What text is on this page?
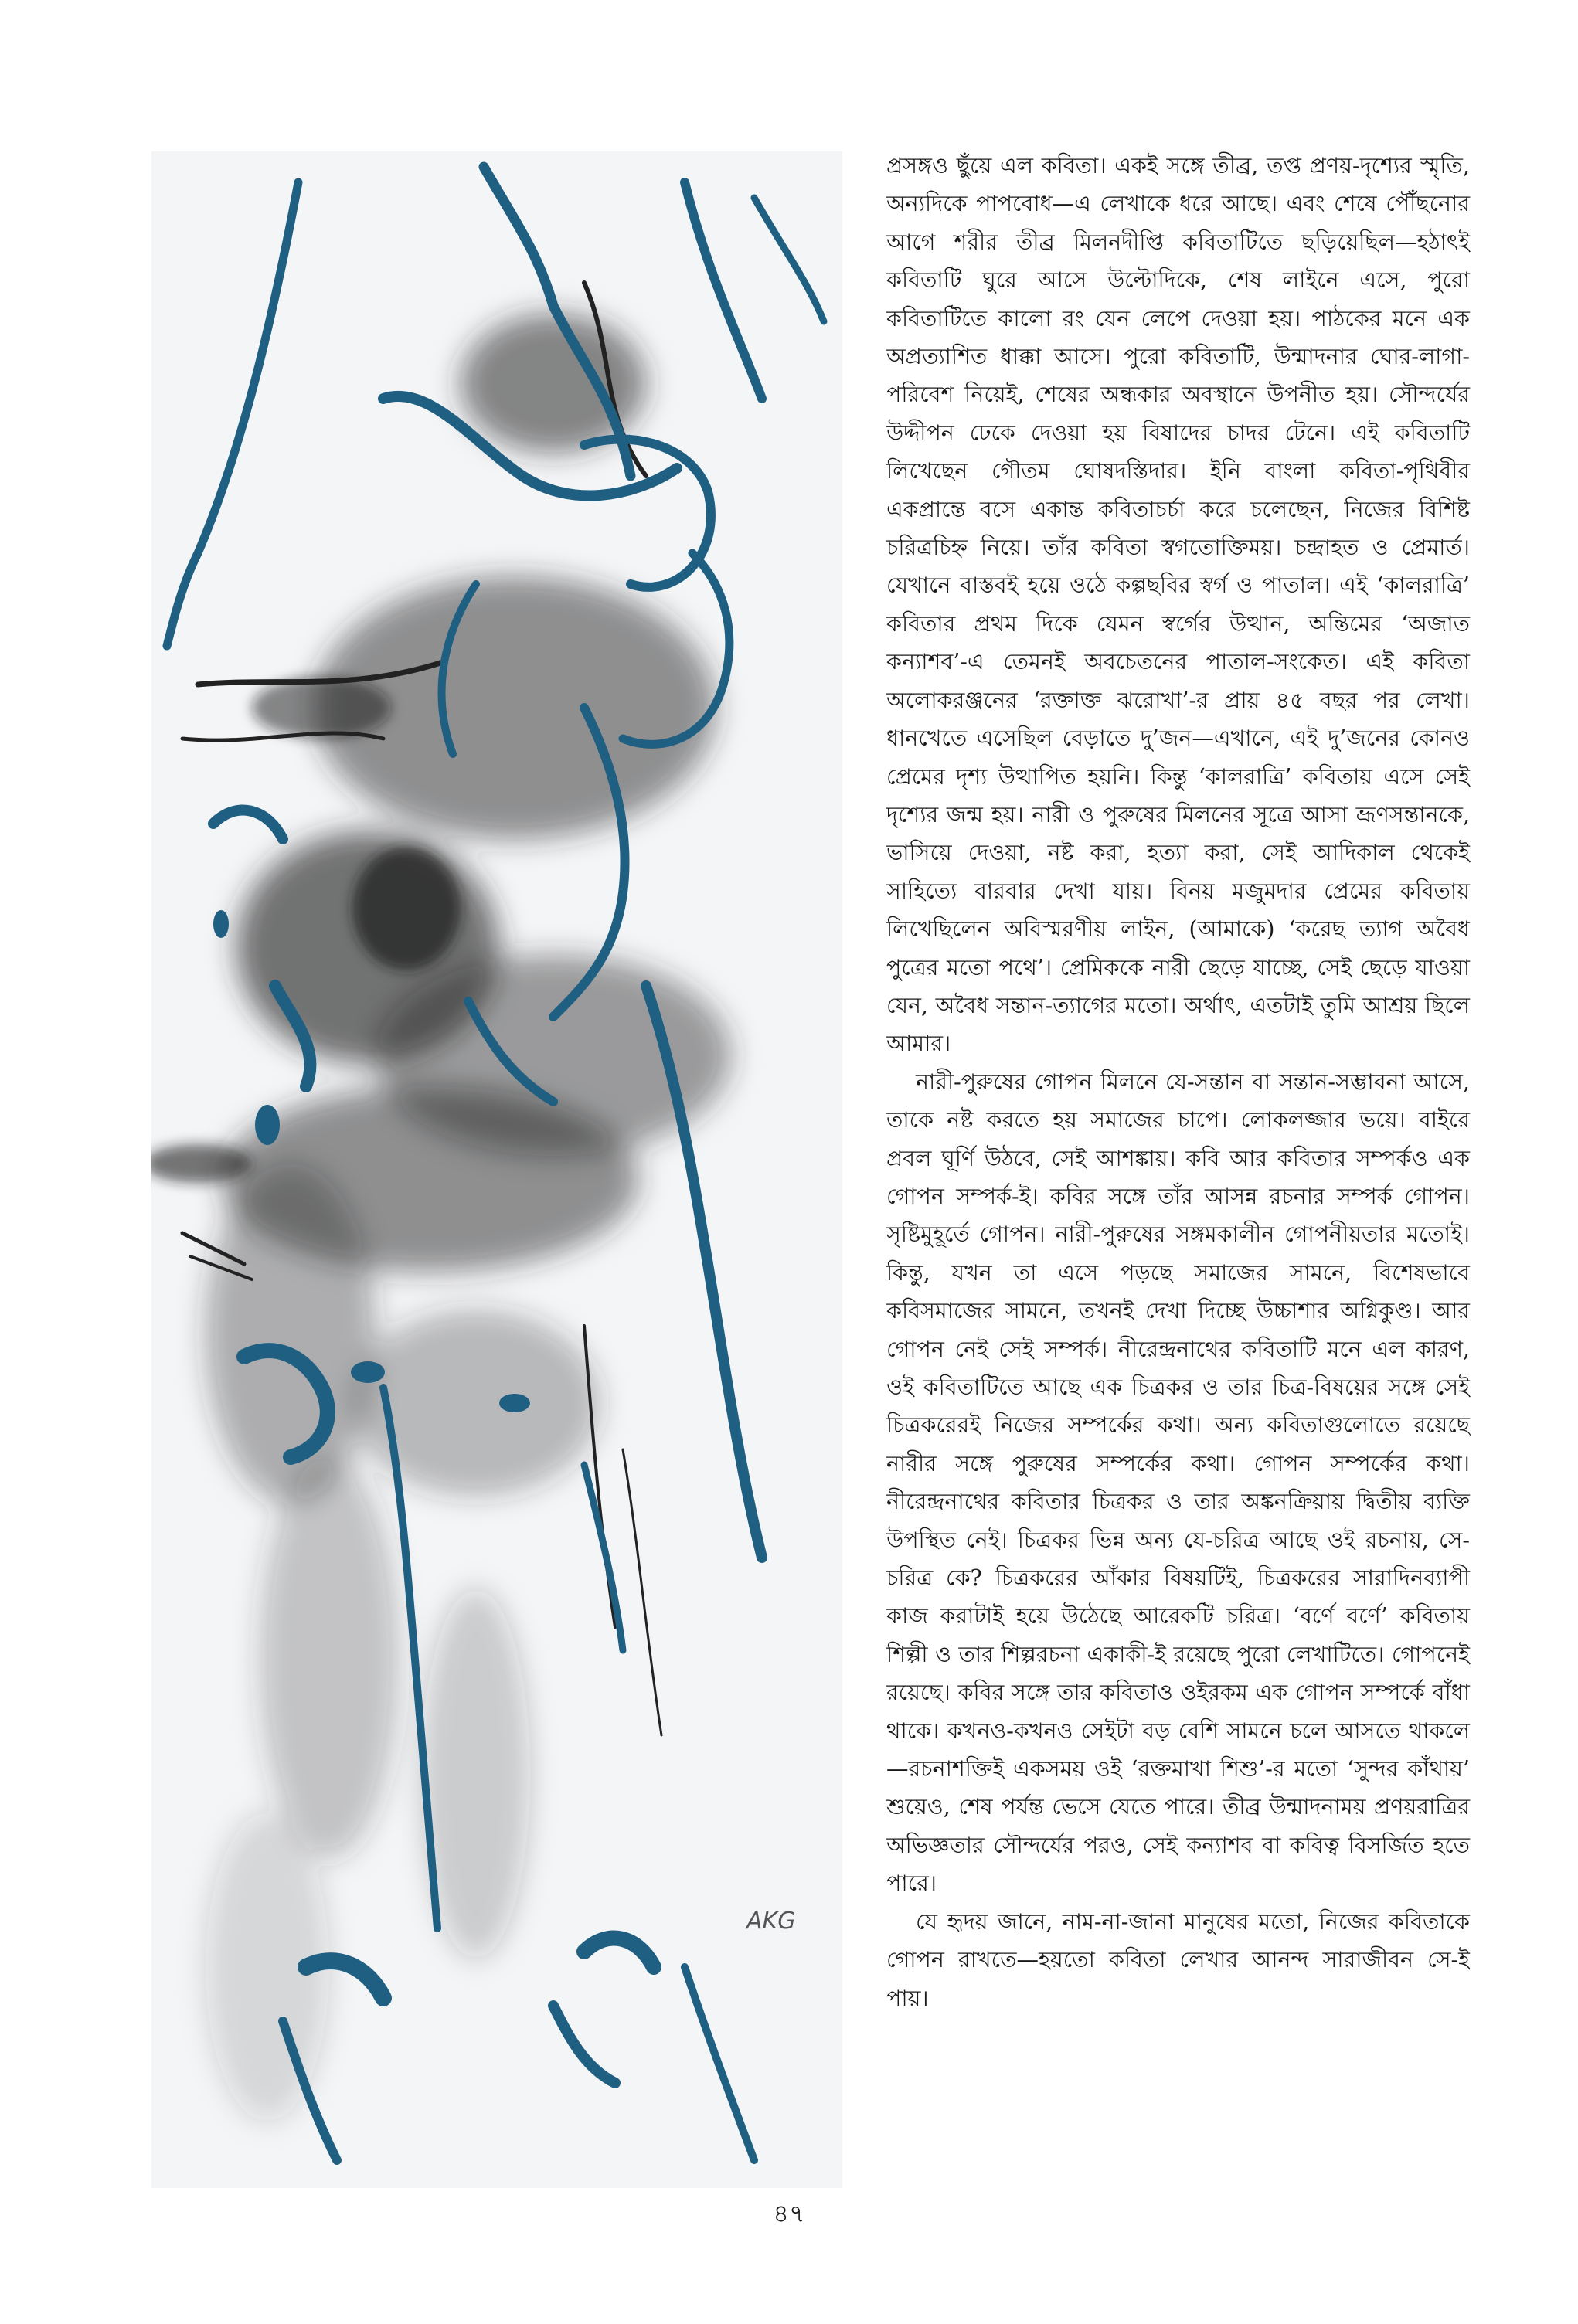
AKG

প্রসঙ্গও ছুঁয়ে এল কবিতা। একই সঙ্গে তীব্র, তপ্ত প্রণয়-দৃশ্যের স্মৃতি, অন্যদিকে পাপবোধ—এ লেখাকে ধরে আছে। এবং শেষে পৌঁছনোর আগে শরীর তীব্র মিলনদীপ্তি কবিতাটিতে ছড়িয়েছিল—হঠাৎই কবিতাটি ঘুরে আসে উল্টোদিকে, শেষ লাইনে এসে, পুরো কবিতাটিতে কালো রং যেন লেপে দেওয়া হয়। পাঠকের মনে এক অপ্রত্যাশিত ধাক্কা আসে। পুরো কবিতাটি, উন্মাদনার ঘোর-লাগা-পরিবেশ নিয়েই, শেষের অন্ধকার অবস্থানে উপনীত হয়। সৌন্দর্যের উদ্দীপন ঢেকে দেওয়া হয় বিষাদের চাদর টেনে। এই কবিতাটি লিখেছেন গৌতম ঘোষদস্তিদার। ইনি বাংলা কবিতা-পৃথিবীর একপ্রান্তে বসে একান্ত কবিতাচর্চা করে চলেছেন, নিজের বিশিষ্ট চরিত্রচিহ্ন নিয়ে। তাঁর কবিতা স্বগতোক্তিময়। চন্দ্রাহত ও প্রেমার্ত। যেখানে বাস্তবই হয়ে ওঠে কল্পছবির স্বর্গ ও পাতাল। এই ‘কালরাত্রি’ কবিতার প্রথম দিকে যেমন স্বর্গের উত্থান, অন্তিমের ‘অজাত কন্যাশব’-এ তেমনই অবচেতনের পাতাল-সংকেত। এই কবিতা অলোকরঞ্জনের ‘রক্তাক্ত ঝরোখা’-র প্রায় ৪৫ বছর পর লেখা। ধানখেতে এসেছিল বেড়াতে দু’জন—এখানে, এই দু’জনের কোনও প্রেমের দৃশ্য উত্থাপিত হয়নি। কিন্তু ‘কালরাত্রি’ কবিতায় এসে সেই দৃশ্যের জন্ম হয়। নারী ও পুরুষের মিলনের সূত্রে আসা ভ্রূণসন্তানকে, ভাসিয়ে দেওয়া, নষ্ট করা, হত্যা করা, সেই আদিকাল থেকেই সাহিত্যে বারবার দেখা যায়। বিনয় মজুমদার প্রেমের কবিতায় লিখেছিলেন অবিস্মরণীয় লাইন, (আমাকে) ‘করেছ ত্যাগ অবৈধ পুত্রের মতো পথে’। প্রেমিককে নারী ছেড়ে যাচ্ছে, সেই ছেড়ে যাওয়া যেন, অবৈধ সন্তান-ত্যাগের মতো। অর্থাৎ, এতটাই তুমি আশ্রয় ছিলে আমার।

নারী-পুরুষের গোপন মিলনে যে-সন্তান বা সন্তান-সম্ভাবনা আসে, তাকে নষ্ট করতে হয় সমাজের চাপে। লোকলজ্জার ভয়ে। বাইরে প্রবল ঘূর্ণি উঠবে, সেই আশঙ্কায়। কবি আর কবিতার সম্পর্কও এক গোপন সম্পর্ক-ই। কবির সঙ্গে তাঁর আসন্ন রচনার সম্পর্ক গোপন। সৃষ্টিমুহূর্তে গোপন। নারী-পুরুষের সঙ্গমকালীন গোপনীয়তার মতোই। কিন্তু, যখন তা এসে পড়ছে সমাজের সামনে, বিশেষভাবে কবিসমাজের সামনে, তখনই দেখা দিচ্ছে উচ্চাশার অগ্নিকুণ্ড। আর গোপন নেই সেই সম্পর্ক। নীরেন্দ্রনাথের কবিতাটি মনে এল কারণ, ওই কবিতাটিতে আছে এক চিত্রকর ও তার চিত্র-বিষয়ের সঙ্গে সেই চিত্রকরেরই নিজের সম্পর্কের কথা। অন্য কবিতাগুলোতে রয়েছে নারীর সঙ্গে পুরুষের সম্পর্কের কথা। গোপন সম্পর্কের কথা। নীরেন্দ্রনাথের কবিতার চিত্রকর ও তার অঙ্কনক্রিয়ায় দ্বিতীয় ব্যক্তি উপস্থিত নেই। চিত্রকর ভিন্ন অন্য যে-চরিত্র আছে ওই রচনায়, সে-চরিত্র কে? চিত্রকরের আঁকার বিষয়টিই, চিত্রকরের সারাদিনব্যাপী কাজ করাটাই হয়ে উঠেছে আরেকটি চরিত্র। ‘বর্ণে বর্ণে’ কবিতায় শিল্পী ও তার শিল্পরচনা একাকী-ই রয়েছে পুরো লেখাটিতে। গোপনেই রয়েছে। কবির সঙ্গে তার কবিতাও ওইরকম এক গোপন সম্পর্কে বাঁধা থাকে। কখনও-কখনও সেইটা বড় বেশি সামনে চলে আসতে থাকলে—রচনাশক্তিই একসময় ওই ‘রক্তমাখা শিশু’-র মতো ‘সুন্দর কাঁথায়’ শুয়েও, শেষ পর্যন্ত ভেসে যেতে পারে। তীব্র উন্মাদনাময় প্রণয়রাত্রির অভিজ্ঞতার সৌন্দর্যের পরও, সেই কন্যাশব বা কবিত্ব বিসর্জিত হতে পারে।

যে হৃদয় জানে, নাম-না-জানা মানুষের মতো, নিজের কবিতাকে গোপন রাখতে—হয়তো কবিতা লেখার আনন্দ সারাজীবন সে-ই পায়।

৪৭
